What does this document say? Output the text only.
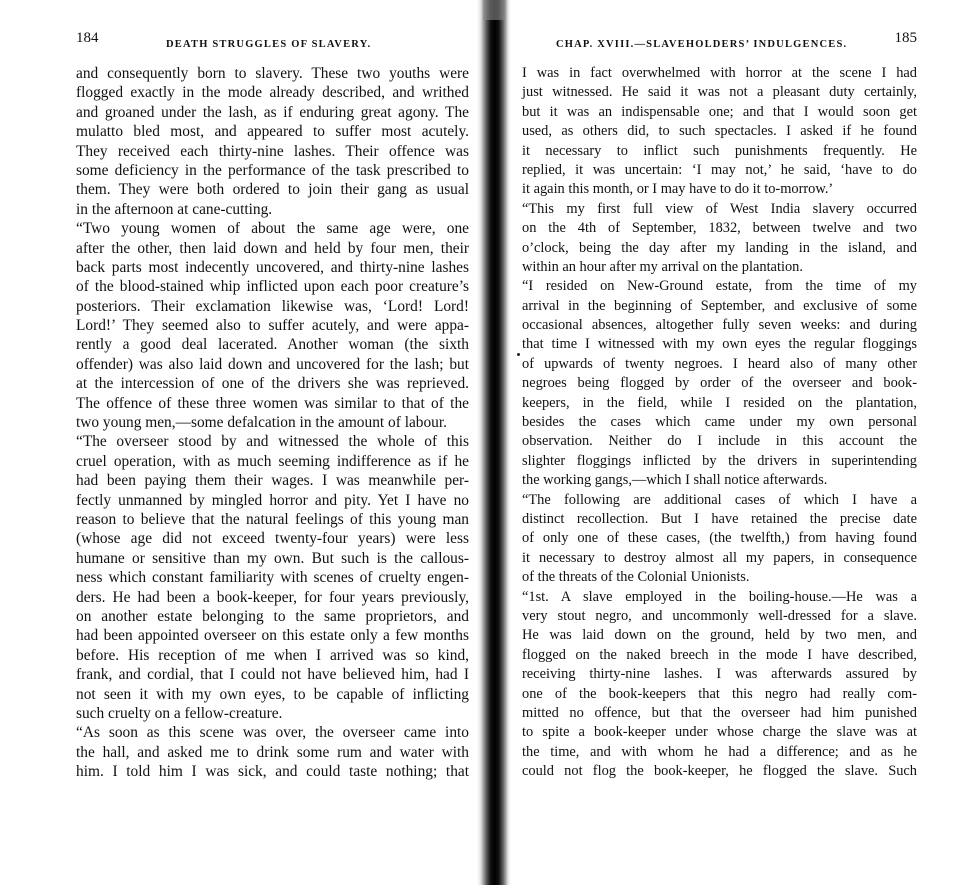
184	DEATH STRUGGLES OF SLAVERY.
and consequently born to slavery. These two youths were
flogged exactly in the mode already described, and writhed
and groaned under the lash, as if enduring great agony. The
mulatto bled most, and appeared to suffer most acutely.
They received each thirty-nine lashes. Their offence was
some deficiency in the performance of the task prescribed to
them. They were both ordered to join their gang as usual
in the afternoon at cane-cutting.
“Two young women of about the same age were, one
after the other, then laid down and held by four men, their
back parts most indecently uncovered, and thirty-nine lashes
of the blood-stained whip inflicted upon each poor creature’s
posteriors. Their exclamation likewise was, ‘Lord! Lord!
Lord!’ They seemed also to suffer acutely, and were appa-
rently a good deal lacerated. Another woman (the sixth
offender) was also laid down and uncovered for the lash; but
at the intercession of one of the drivers she was reprieved.
The offence of these three women was similar to that of the
two young men,—some defalcation in the amount of labour.
“The overseer stood by and witnessed the whole of this
cruel operation, with as much seeming indifference as if he
had been paying them their wages. I was meanwhile per-
fectly unmanned by mingled horror and pity. Yet I have no
reason to believe that the natural feelings of this young man
(whose age did not exceed twenty-four years) were less
humane or sensitive than my own. But such is the callous-
ness which constant familiarity with scenes of cruelty engen-
ders. He had been a book-keeper, for four years previously,
on another estate belonging to the same proprietors, and
had been appointed overseer on this estate only a few months
before. His reception of me when I arrived was so kind,
frank, and cordial, that I could not have believed him, had I
not seen it with my own eyes, to be capable of inflicting
such cruelty on a fellow-creature.
“As soon as this scene was over, the overseer came into
the hall, and asked me to drink some rum and water with
him. I told him I was sick, and could taste nothing; that
CHAP. XVIII.—SLAVEHOLDERS’ INDULGENCES.	185
I was in fact overwhelmed with horror at the scene I had
just witnessed. He said it was not a pleasant duty certainly,
but it was an indispensable one; and that I would soon get
used, as others did, to such spectacles. I asked if he found
it necessary to inflict such punishments frequently. He
replied, it was uncertain: ‘I may not,’ he said, ‘have to do
it again this month, or I may have to do it to-morrow.’
“This my first full view of West India slavery occurred
on the 4th of September, 1832, between twelve and two
o’clock, being the day after my landing in the island, and
within an hour after my arrival on the plantation.
“I resided on New-Ground estate, from the time of my
arrival in the beginning of September, and exclusive of some
occasional absences, altogether fully seven weeks: and during
that time I witnessed with my own eyes the regular floggings
of upwards of twenty negroes. I heard also of many other
negroes being flogged by order of the overseer and book-
keepers, in the field, while I resided on the plantation,
besides the cases which came under my own personal
observation. Neither do I include in this account the
slighter floggings inflicted by the drivers in superintending
the working gangs,—which I shall notice afterwards.
“The following are additional cases of which I have a
distinct recollection. But I have retained the precise date
of only one of these cases, (the twelfth,) from having found
it necessary to destroy almost all my papers, in consequence
of the threats of the Colonial Unionists.
“1st. A slave employed in the boiling-house.—He was a
very stout negro, and uncommonly well-dressed for a slave.
He was laid down on the ground, held by two men, and
flogged on the naked breech in the mode I have described,
receiving thirty-nine lashes. I was afterwards assured by
one of the book-keepers that this negro had really com-
mitted no offence, but that the overseer had him punished
to spite a book-keeper under whose charge the slave was at
the time, and with whom he had a difference; and as he
could not flog the book-keeper, he flogged the slave. Such
